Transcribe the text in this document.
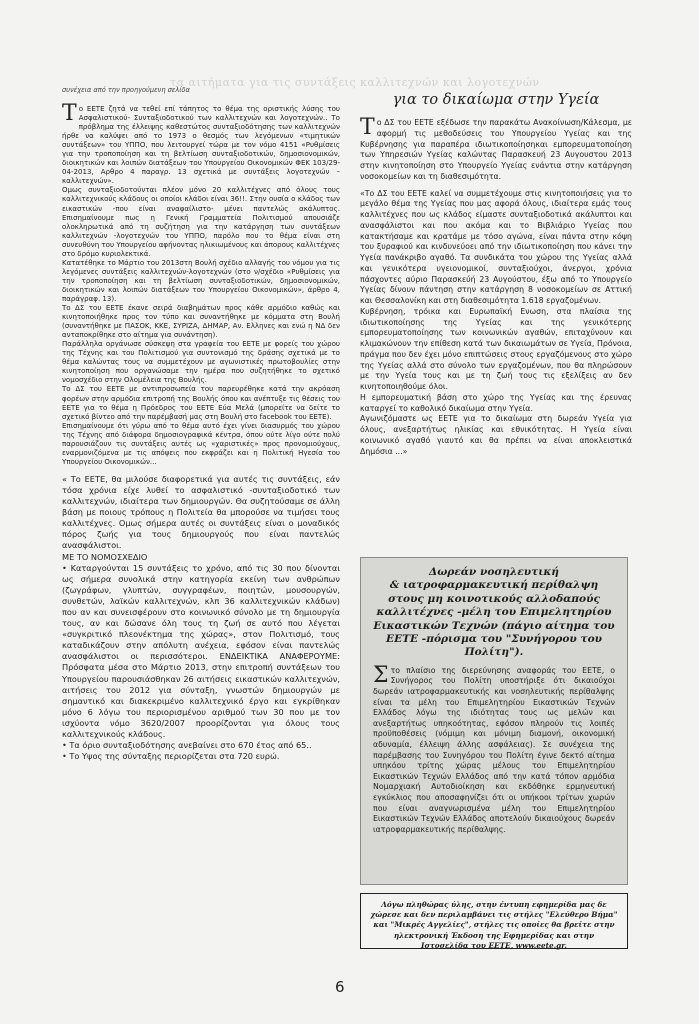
τα αιτήματα για τις συντάξεις καλλιτεχνών και λογοτεχνών
συνέχεια από την προηγούμενη σελίδα

Το ΕΕΤΕ ζητά να τεθεί επί τάπητος το θέμα της οριστικής λύσης του Ασφαλιστικού- Συνταξιοδοτικού των καλλιτεχνών και λογοτεχνών.. Το πρόβλημα της έλλειψης καθεστώτος συνταξιοδότησης των καλλιτεχνών ήρθε να καλύψει από το 1973 ο θεσμός των λεγόμενων «τιμητικών συντάξεων» του ΥΠΠΟ, που λειτουργεί τώρα με τον νόμο 4151 «Ρυθμίσεις για την τροποποίηση και τη βελτίωση συνταξιοδοτικών, δημοσιονομικών, διοικητικών και λοιπών διατάξεων του Υπουργείου Οικονομικών ΦΕΚ 103/29-04-2013, Αρθρο 4 παραγρ. 13 σχετικά με συντάξεις λογοτεχνών – καλλιτεχνών».

Ομως συνταξιοδοτούνται πλέον μόνο 20 καλλιτέχνες από όλους τους καλλιτεχνικούς κλάδους οι οποίοι κλάδοι είναι 36!!. Στην ουσία ο κλάδος των εικαστικών -που είναι αναφαίλιστο- μένει παντελώς ακάλυπτος. Επισημαίνουμε πως η Γενική Γραμματεία Πολιτισμού απουσιάζε ολοκληρωτικά από τη συζήτηση για την κατάργηση των συντάξεων καλλιτεχνών -λογοτεχνών του ΥΠΠΟ, παρόλο που το θέμα είναι στη συνευθύνη του Υπουργείου αφήνοντας ηλικιωμένους και άπορους καλλιτέχνες στο δρόμο κυριολεκτικά.

Κατατέθηκε το Μάρτιο του 2013στη Βουλή σχέδιο αλλαγής του νόμου για τις λεγόμενες συντάξεις καλλιτεχνών-λογοτεχνών (στο ν/σχέδιο «Ρυθμίσεις για την τροποποίηση και τη βελτίωση συνταξιοδοτικών, δημοσιονομικών, διοικητικών και λοιπών διατάξεων του Υπουργείου Οικονομικών», άρθρο 4, παράγραφ. 13).

Το ΔΣ του ΕΕΤΕ έκανε σειρά διαβημάτων προς κάθε αρμόδιο καθώς και κινητοποιήθηκε προς τον τύπο και συναντήθηκε με κόμματα στη Βουλή (συναντήθηκε με ΠΑΣΟΚ, ΚΚΕ, ΣΥΡΙΖΑ, ΔΗΜΑΡ, Αν. Ελληνες και ενώ η ΝΔ δεν ανταποκρίθηκε στο αίτημα για συνάντηση).

Παράλληλα οργάνωσε σύσκεψη στα γραφεία του ΕΕΤΕ με φορείς του χώρου της Τέχνης και του Πολιτισμού για συντονισμό της δράσης σχετικά με το θέμα καλώντας τους να συμμετέχουν με αγωνιστικές πρωτοβουλίες στην κινητοποίηση που οργανώσαμε την ημέρα που συζητήθηκε το σχετικό νομοσχέδιο στην Ολομέλεια της Βουλής.

Το ΔΣ του ΕΕΤΕ με αντιπροσωπεία του παρευρέθηκε κατά την ακρόαση φορέων στην αρμόδια επιτροπή της Βουλής όπου και ανέπτυξε τις θέσεις του ΕΕΤΕ για το θέμα η Πρόεδρος του ΕΕΤΕ Εύα Μελά (μπορείτε να δείτε το σχετικό βίντεο από την παρέμβασή μας στη Βουλή στο facebook του ΕΕΤΕ).

Επισημαίνουμε ότι γύρω από το θέμα αυτό έχει γίνει διασυρμός του χώρου της Τέχνης από διάφορα δημοσιογραφικά κέντρα, όπου ούτε λίγο ούτε πολύ παρουσιάζουν τις συντάξεις αυτές ως «χαριστικές» προς προνομιούχους, εναρμονιζόμενα με τις απόψεις που εκφράζει και η Πολιτική Ηγεσία του Υπουργείου Οικονομικών...

« Το ΕΕΤΕ, θα μιλούσε διαφορετικά για αυτές τις συντάξεις, εάν τόσα χρόνια είχε λυθεί το ασφαλιστικό -συνταξιοδοτικό των καλλιτεχνών, ιδιαίτερα των δημιουργών. Θα συζητούσαμε σε άλλη βάση με ποιους τρόπους η Πολιτεία θα μπορούσε να τιμήσει τους καλλιτέχνες. Ομως σήμερα αυτές οι συντάξεις είναι ο μοναδικός πόρος ζωής για τους δημιουργούς που είναι παντελώς ανασφάλιστοι.

ΜΕ ΤΟ ΝΟΜΟΣΧΕΔΙΟ

• Καταργούνται 15 συντάξεις το χρόνο, από τις 30 που δίνονται ως σήμερα συνολικά στην κατηγορία εκείνη των ανθρώπων (ζωγράφων, γλυπτών, συγγραφέων, ποιητών, μουσουργών, συνθετών, λαϊκών καλλιτεχνών, κλπ 36 καλλιτεχνικών κλάδων) που αν και συνεισφέρουν στο κοινωνικό σύνολο με τη δημιουργία τους, αν και δώσανε όλη τους τη ζωή σε αυτό που λέγεται «συγκριτικό πλεονέκτημα της χώρας», στον Πολιτισμό, τους καταδικάζουν στην απόλυτη ανέχεια, εφόσον είναι παντελώς ανασφάλιστοι οι περισσότεροι. ΕΝΔΕΙΚΤΙΚΑ ΑΝΑΦΕΡΟΥΜΕ: Πρόσφατα μέσα στο Μάρτιο 2013, στην επιτροπή συντάξεων του Υπουργείου παρουσιάσθηκαν 26 αιτήσεις εικαστικών καλλιτεχνών, αιτήσεις του 2012 για σύνταξη, γνωστών δημιουργών με σημαντικό και διακεκριμένο καλλιτεχνικό έργο και εγκρίθηκαν μόνο 6 λόγω του περιορισμένου αριθμού των 30 που με τον ισχύοντα νόμο 3620/2007 προορίζονται για όλους τους καλλιτεχνικούς κλάδους.

• Τα όριο συνταξιοδότησης ανεβαίνει στο 670 έτος από 65..
• Το Υψος της σύνταξης περιορίζεται στα 720 ευρώ.
για το δικαίωμα στην Υγεία

Το ΔΣ του ΕΕΤΕ εξέδωσε την παρακάτω Ανακοίνωση/Κάλεσμα, με αφορμή τις μεθοδεύσεις του Υπουργείου Υγείας και της Κυβέρνησης για παραπέρα ιδιωτικοποίησηκαι εμπορευματοποίηση των Υπηρεσιών Υγείας καλώντας Παρασκευή 23 Αυγουστου 2013 στην κινητοποίηση στο Υπουργείο Υγείας ενάντια στην κατάργηση νοσοκομείων και τη διαθεσιμότητα.

«Το ΔΣ του ΕΕΤΕ καλεί να συμμετέχουμε στις κινητοποιήσεις για το μεγάλο θέμα της Υγείας που μας αφορά όλους, ιδιαίτερα εμάς τους καλλιτέχνες που ως κλάδος είμαστε συνταξιοδοτικά ακάλυπτοι και ανασφάλιστοι και που ακόμα και το Βιβλιάριο Υγείας που κατακτήσαμε και κρατάμε με τόσο αγώνα, είναι πάντα στην κόψη του ξυραφιού και κινδυνεύοει από την ιδιωτικοποίηση που κάνει την Υγεία πανάκριβο αγαθό. Τα συνδικάτα του χώρου της Υγείας αλλά και γενικότερα υγειονομικοί, συνταξιούχοι, άνεργοι, χρόνια πάσχοντες αύριο Παρασκεύή 23 Αυγούστου, έξω από το Υπουργείο Υγείας δίνουν πάντηση στην κατάργηση 8 νοσοκομείων σε Αττική και Θεσσαλονίκη και στη διαθεσιμότητα 1.618 εργαζομένων.

Κυβέρνηση, τρόικα και Ευρωπαϊκή Ενωση, στα πλαίσια της ιδιωτικοποίησης της Υγείας και της γενικότερης εμπορευματοποίησης των κοινωνικών αγαθών, επιταχύνουν και κλιμακώνουν την επίθεση κατά των δικαιωμάτων σε Υγεία, Πρόνοια, πράγμα που δεν έχει μόνο επιπτώσεις στους εργαζόμενους στο χώρο της Υγείας αλλά στο σύνολο των εργαζομένων, που θα πληρώσουν με την Υγεία τους και με τη ζωή τους τις εξελίξεις αν δεν κινητοποιηθούμε όλοι.

Η εμπορευματική βάση στο χώρο της Υγείας και της έρευνας καταργεί το καθολικό δικαίωμα στην Υγεία.

Αγωνιζόμαστε ως ΕΕΤΕ για το δικαίωμα στη δωρεάν Υγεία για όλους, ανεξαρτήτως ηλικίας και εθνικότητας. Η Υγεία είναι κοινωνικό αγαθό γιαυτό και θα πρέπει να είναι αποκλειστικά Δημόσια ...»

Δωρεάν νοσηλευτική
& ιατροφαρμακευτική περίθαλψη
στους μη κοινοτικούς αλλοδαπούς καλλιτέχνες -μέλη του Επιμελητηρίου Εικαστικών Τεχνών (πάγιο αίτημα του ΕΕΤΕ -πόρισμα του "Συνήγορου του Πολίτη").

Στο πλαίσιο της διερεύνησης αναφοράς του ΕΕΤΕ, ο Συνήγορος του Πολίτη υποστήριξε ότι δικαιούχοι δωρεάν ιατροφαρμακευτικής και νοσηλευτικής περίθαλψης είναι τα μέλη του Επιμελητηρίου Εικαστικών Τεχνών Ελλάδος λόγω της ιδιότητας τους ως μελών και ανεξαρτήτως υπηκοότητας, εφόσον πληρούν τις λοιπές προϋποθέσεις (νόμιμη και μόνιμη διαμονή, οικονομική αδυναμία, έλλειψη άλλης ασφάλειας). Σε συνέχεια της παρέμβασης του Συνηγόρου του Πολίτη έγινε δεκτό αίτημα υπηκόου τρίτης χώρας μέλους του Επιμελητηρίου Εικαστικών Τεχνών Ελλάδος από την κατά τόπον αρμόδια Νομαρχιακή Αυτοδιοίκηση και εκδόθηκε ερμηνευτική εγκύκλιος που αποσαφηνίζει ότι οι υπήκοοι τρίτων χωρών που είναι αναγνωρισμένα μέλη του Επιμελητηρίου Εικαστικών Τεχνών Ελλάδος αποτελούν δικαιούχους δωρεάν ιατροφαρμακευτικής περίθαλψης.

Λόγω πληθώρας ύλης, στην έντυπη εφημερίδα μας δε χώρεσε και δεν περιλαμβάνει τις στήλες "Ελεύθερο Βήμα" και "Μικρές Αγγελίες", στήλες τις οποίες θα βρείτε στην ηλεκτρονική Έκδοση της Εφημερίδας και στην Ιστοσελίδα του ΕΕΤΕ, www.eete.gr.
6
